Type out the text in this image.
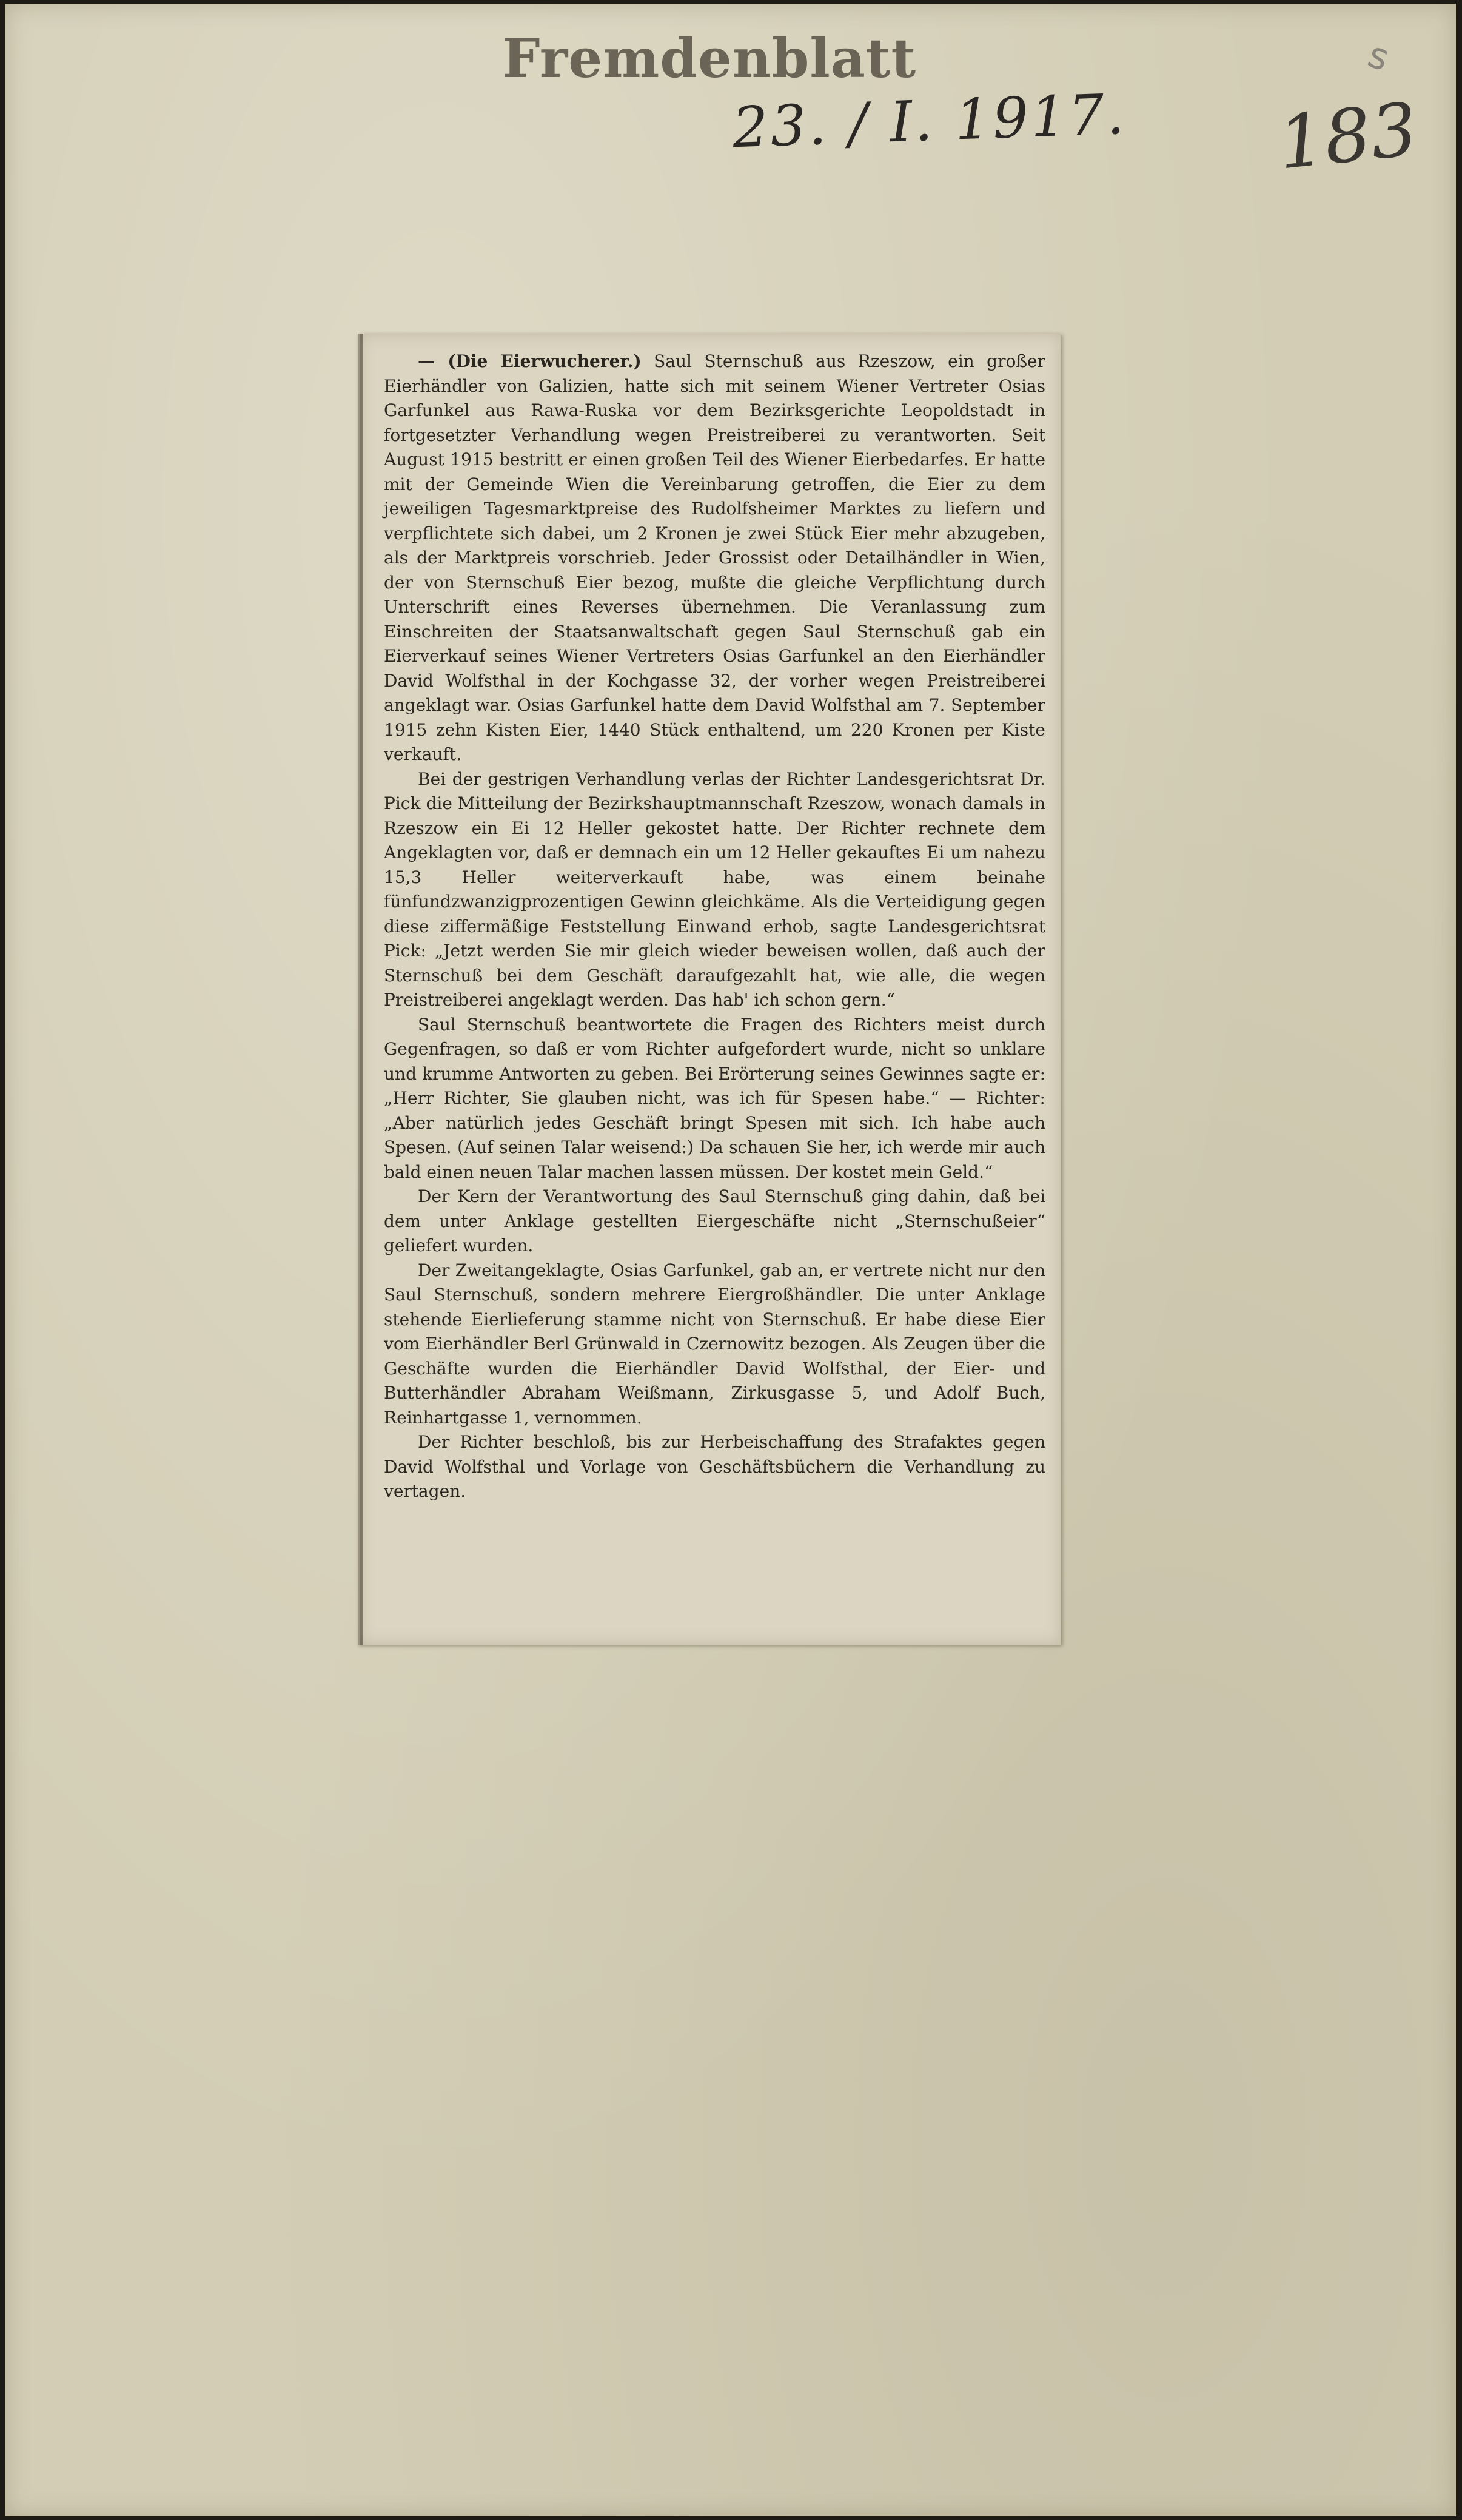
Fremdenblatt
23. / I. 1917. 183
s

— (Die Eierwucherer.) Saul Sternschuß aus Rzeszow, ein großer Eierhändler von Galizien, hatte sich mit seinem Wiener Vertreter Osias Garfunkel aus Rawa-Ruska vor dem Bezirksgerichte Leopoldstadt in fortgesetzter Verhandlung wegen Preistreiberei zu verantworten. Seit August 1915 bestritt er einen großen Teil des Wiener Eierbedarfes. Er hatte mit der Gemeinde Wien die Vereinbarung getroffen, die Eier zu dem jeweiligen Tagesmarktpreise des Rudolfsheimer Marktes zu liefern und verpflichtete sich dabei, um 2 Kronen je zwei Stück Eier mehr abzugeben, als der Marktpreis vorschrieb. Jeder Grossist oder Detailhändler in Wien, der von Sternschuß Eier bezog, mußte die gleiche Verpflichtung durch Unterschrift eines Reverses übernehmen. Die Veranlassung zum Einschreiten der Staatsanwaltschaft gegen Saul Sternschuß gab ein Eierverkauf seines Wiener Vertreters Osias Garfunkel an den Eierhändler David Wolfsthal in der Kochgasse 32, der vorher wegen Preistreiberei angeklagt war. Osias Garfunkel hatte dem David Wolfsthal am 7. September 1915 zehn Kisten Eier, 1440 Stück enthaltend, um 220 Kronen per Kiste verkauft.

Bei der gestrigen Verhandlung verlas der Richter Landesgerichtsrat Dr. Pick die Mitteilung der Bezirkshauptmannschaft Rzeszow, wonach damals in Rzeszow ein Ei 12 Heller gekostet hatte. Der Richter rechnete dem Angeklagten vor, daß er demnach ein um 12 Heller gekauftes Ei um nahezu 15,3 Heller weiterverkauft habe, was einem beinahe fünfundzwanzigprozentigen Gewinn gleichkäme. Als die Verteidigung gegen diese ziffermäßige Feststellung Einwand erhob, sagte Landesgerichtsrat Pick: „Jetzt werden Sie mir gleich wieder beweisen wollen, daß auch der Sternschuß bei dem Geschäft daraufgezahlt hat, wie alle, die wegen Preistreiberei angeklagt werden. Das hab' ich schon gern.“

Saul Sternschuß beantwortete die Fragen des Richters meist durch Gegenfragen, so daß er vom Richter aufgefordert wurde, nicht so unklare und krumme Antworten zu geben. Bei Erörterung seines Gewinnes sagte er: „Herr Richter, Sie glauben nicht, was ich für Spesen habe.“ — Richter: „Aber natürlich jedes Geschäft bringt Spesen mit sich. Ich habe auch Spesen. (Auf seinen Talar weisend:) Da schauen Sie her, ich werde mir auch bald einen neuen Talar machen lassen müssen. Der kostet mein Geld.“

Der Kern der Verantwortung des Saul Sternschuß ging dahin, daß bei dem unter Anklage gestellten Eiergeschäfte nicht „Sternschußeier“ geliefert wurden.

Der Zweitangeklagte, Osias Garfunkel, gab an, er vertrete nicht nur den Saul Sternschuß, sondern mehrere Eiergroßhändler. Die unter Anklage stehende Eierlieferung stamme nicht von Sternschuß. Er habe diese Eier vom Eierhändler Berl Grünwald in Czernowitz bezogen. Als Zeugen über die Geschäfte wurden die Eierhändler David Wolfsthal, der Eier- und Butterhändler Abraham Weißmann, Zirkusgasse 5, und Adolf Buch, Reinhartgasse 1, vernommen.

Der Richter beschloß, bis zur Herbeischaffung des Strafaktes gegen David Wolfsthal und Vorlage von Geschäftsbüchern die Verhandlung zu vertagen.
